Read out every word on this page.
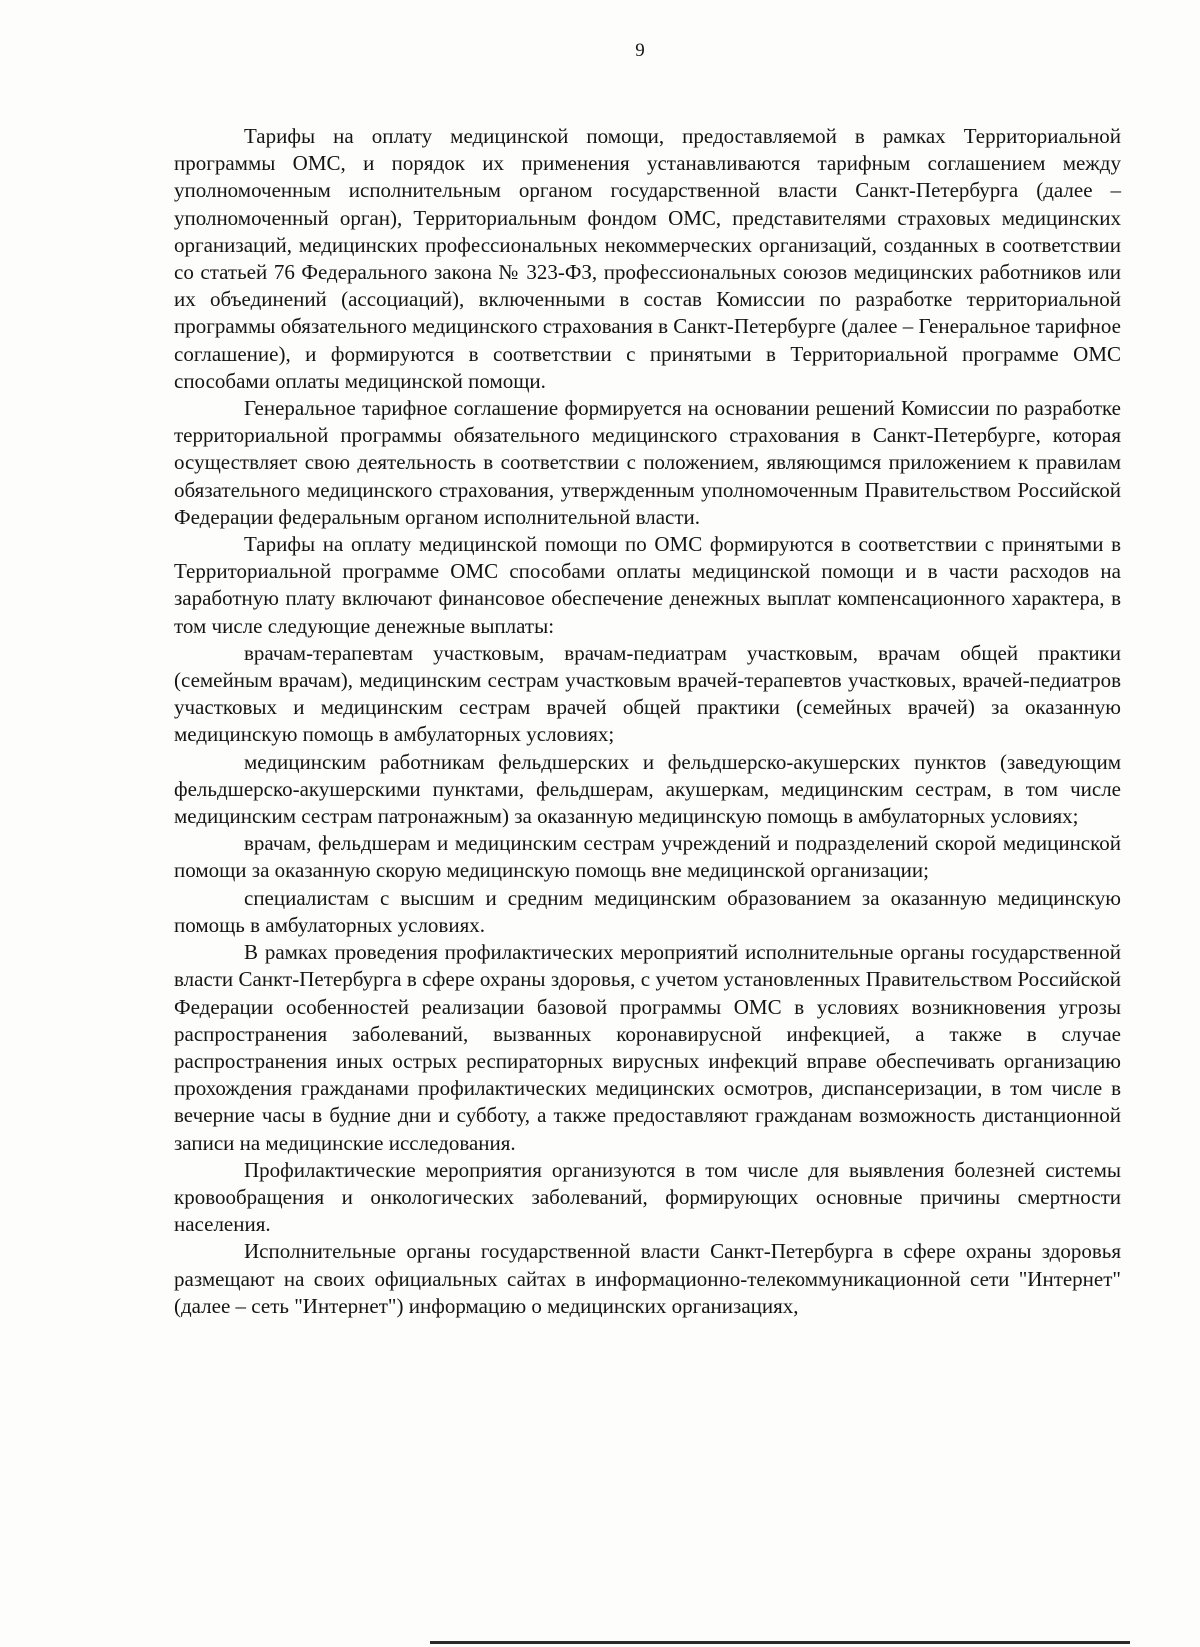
9

Тарифы на оплату медицинской помощи, предоставляемой в рамках Территориальной программы ОМС, и порядок их применения устанавливаются тарифным соглашением между уполномоченным исполнительным органом государственной власти Санкт-Петербурга (далее – уполномоченный орган), Территориальным фондом ОМС, представителями страховых медицинских организаций, медицинских профессиональных некоммерческих организаций, созданных в соответствии со статьей 76 Федерального закона № 323-ФЗ, профессиональных союзов медицинских работников или их объединений (ассоциаций), включенными в состав Комиссии по разработке территориальной программы обязательного медицинского страхования в Санкт-Петербурге (далее – Генеральное тарифное соглашение), и формируются в соответствии с принятыми в Территориальной программе ОМС способами оплаты медицинской помощи.

Генеральное тарифное соглашение формируется на основании решений Комиссии по разработке территориальной программы обязательного медицинского страхования в Санкт-Петербурге, которая осуществляет свою деятельность в соответствии с положением, являющимся приложением к правилам обязательного медицинского страхования, утвержденным уполномоченным Правительством Российской Федерации федеральным органом исполнительной власти.

Тарифы на оплату медицинской помощи по ОМС формируются в соответствии с принятыми в Территориальной программе ОМС способами оплаты медицинской помощи и в части расходов на заработную плату включают финансовое обеспечение денежных выплат компенсационного характера, в том числе следующие денежные выплаты:

врачам-терапевтам участковым, врачам-педиатрам участковым, врачам общей практики (семейным врачам), медицинским сестрам участковым врачей-терапевтов участковых, врачей-педиатров участковых и медицинским сестрам врачей общей практики (семейных врачей) за оказанную медицинскую помощь в амбулаторных условиях;

медицинским работникам фельдшерских и фельдшерско-акушерских пунктов (заведующим фельдшерско-акушерскими пунктами, фельдшерам, акушеркам, медицинским сестрам, в том числе медицинским сестрам патронажным) за оказанную медицинскую помощь в амбулаторных условиях;

врачам, фельдшерам и медицинским сестрам учреждений и подразделений скорой медицинской помощи за оказанную скорую медицинскую помощь вне медицинской организации;

специалистам с высшим и средним медицинским образованием за оказанную медицинскую помощь в амбулаторных условиях.

В рамках проведения профилактических мероприятий исполнительные органы государственной власти Санкт-Петербурга в сфере охраны здоровья, с учетом установленных Правительством Российской Федерации особенностей реализации базовой программы ОМС в условиях возникновения угрозы распространения заболеваний, вызванных коронавирусной инфекцией, а также в случае распространения иных острых респираторных вирусных инфекций вправе обеспечивать организацию прохождения гражданами профилактических медицинских осмотров, диспансеризации, в том числе в вечерние часы в будние дни и субботу, а также предоставляют гражданам возможность дистанционной записи на медицинские исследования.

Профилактические мероприятия организуются в том числе для выявления болезней системы кровообращения и онкологических заболеваний, формирующих основные причины смертности населения.

Исполнительные органы государственной власти Санкт-Петербурга в сфере охраны здоровья размещают на своих официальных сайтах в информационно-телекоммуникационной сети "Интернет" (далее – сеть "Интернет") информацию о медицинских организациях,
